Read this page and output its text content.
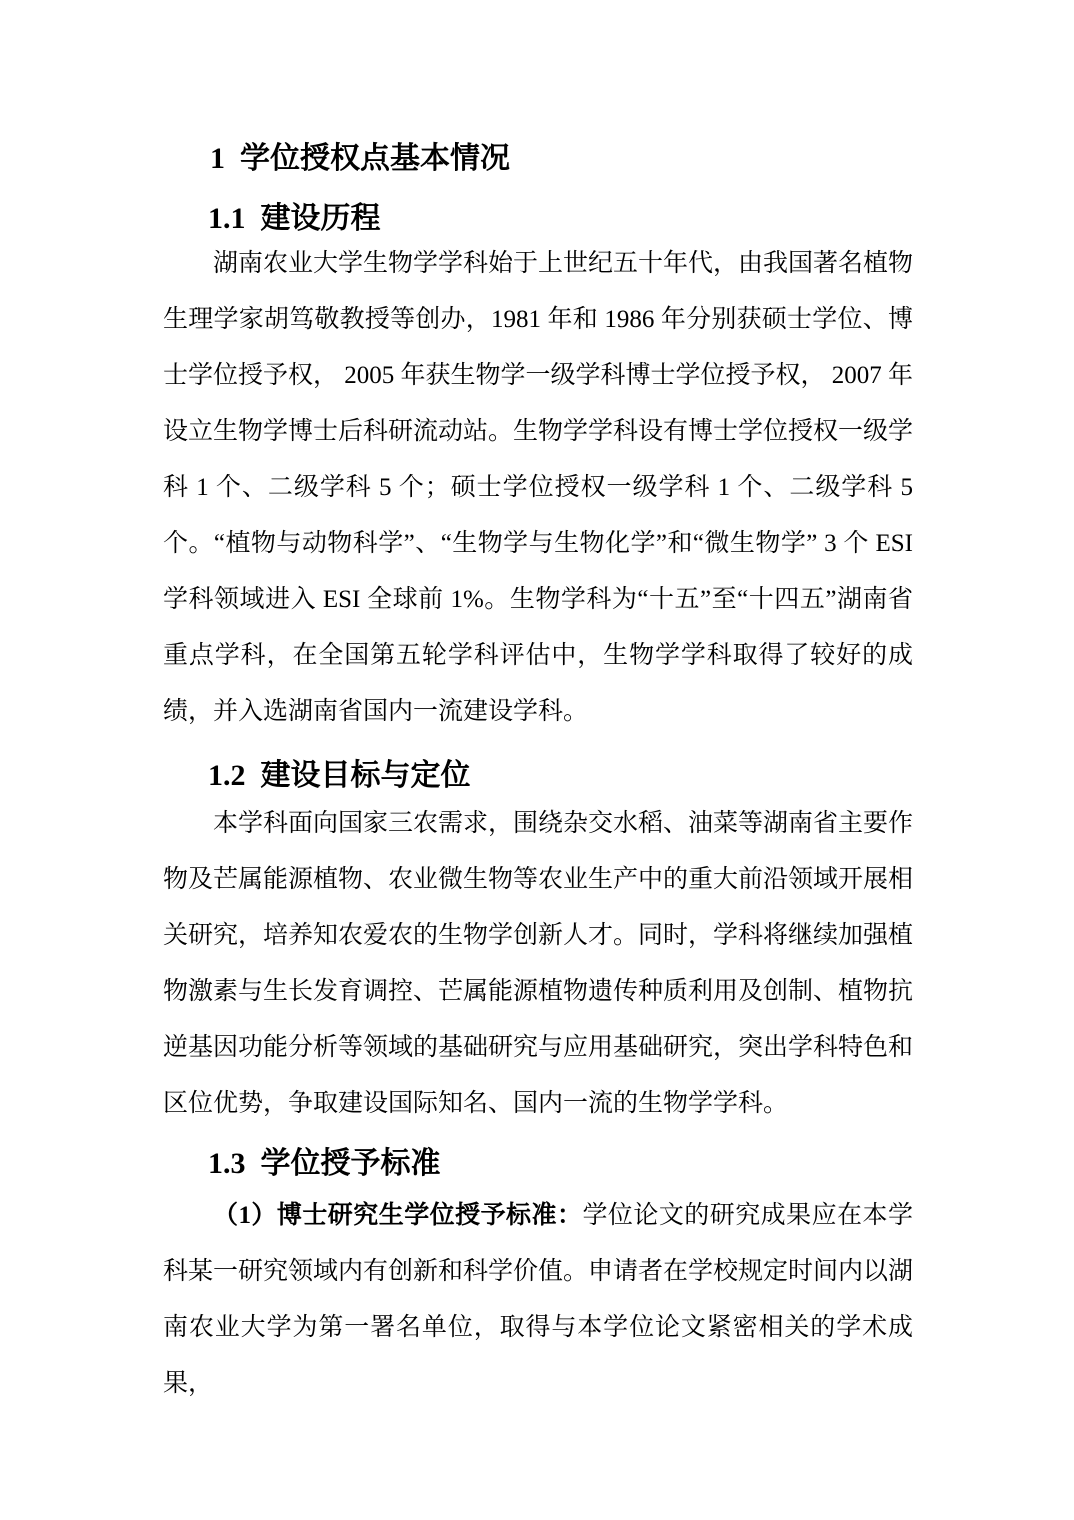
1  学位授权点基本情况
1.1  建设历程

湖南农业大学生物学学科始于上世纪五十年代，由我国著名植物生理学家胡笃敬教授等创办，1981 年和 1986 年分别获硕士学位、博士学位授予权， 2005 年获生物学一级学科博士学位授予权， 2007 年设立生物学博士后科研流动站。生物学学科设有博士学位授权一级学科 1 个、二级学科 5 个；硕士学位授权一级学科 1 个、二级学科 5 个。“植物与动物科学”、“生物学与生物化学”和“微生物学” 3 个 ESI 学科领域进入 ESI 全球前 1%。生物学科为“十五”至“十四五”湖南省重点学科，在全国第五轮学科评估中，生物学学科取得了较好的成绩，并入选湖南省国内一流建设学科。

1.2  建设目标与定位

本学科面向国家三农需求，围绕杂交水稻、油菜等湖南省主要作物及芒属能源植物、农业微生物等农业生产中的重大前沿领域开展相关研究，培养知农爱农的生物学创新人才。同时，学科将继续加强植物激素与生长发育调控、芒属能源植物遗传种质利用及创制、植物抗逆基因功能分析等领域的基础研究与应用基础研究，突出学科特色和区位优势，争取建设国际知名、国内一流的生物学学科。

1.3  学位授予标准

（1）博士研究生学位授予标准：学位论文的研究成果应在本学科某一研究领域内有创新和科学价值。申请者在学校规定时间内以湖南农业大学为第一署名单位，取得与本学位论文紧密相关的学术成果，
